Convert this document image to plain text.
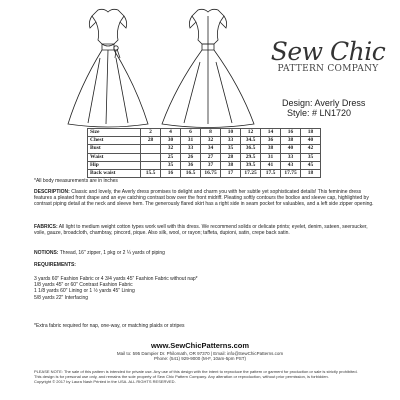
Sew Chic
PATTERN COMPANY
Design: Averly Dress
Style: # LN1720
Size	2	4	6	8	10	12	14	16	18
Chest	28	30	31	32	33	34.5	36	38	40
Bust		32	33	34	35	36.5	38	40	42
Waist		25	26	27	28	29.5	31	33	35
Hip		35	36	37	38	39.5	41	43	45
Back waist	15.5	16	16.5	16.75	17	17.25	17.5	17.75	18
*All body measurements are in inches
DESCRIPTION: Classic and lovely, the Averly dress promises to delight and charm you with her subtle yet sophisticated details! This feminine dress features a pleated front drape and an eye catching contrast bow over the front midriff. Pleating softly contours the bodice and sleeve cap, highlighted by contrast piping detail at the neck and sleeve hem. The generously flared skirt has a right side in seam pocket for valuables, and a left side zipper opening.
FABRICS: All light to medium weight cotton types work well with this dress. We recommend solids or delicate prints; eyelet, denim, sateen, seersucker, voile, gauze, broadcloth, chambray, pincord, pique. Also silk, wool, or rayon; taffeta, dupioni, satin, crepe back satin.
NOTIONS: Thread, 16" zipper, 1 pkg or 2 ¼ yards of piping
REQUIREMENTS:
3 yards 60" Fashion Fabric or 4 3/4 yards 45" Fashion Fabric without nap*
1/8 yards 45" or 60" Contrast Fashion Fabric
1 1/8 yards 60" Lining or 1 ½ yards 45" Lining
5/8 yards 22" Interfacing
*Extra fabric required for nap, one-way, or matching plaids or stripes
www.SewChicPatterns.com
Mail to: 595 Dampier Dr. Philomath, OR 97370 | Email: info@SewChicPatterns.com
Phone: (541) 929-9000 (M-F, 10am-5pm PST)
PLEASE NOTE: The sale of this pattern is intended for private use. Any use of this design with the intent to reproduce the pattern or garment for production or sale is strictly prohibited.
This design is for personal use only, and remains the sole property of Sew Chic Pattern Company. Any alteration or reproduction, without prior permission, is forbidden.
Copyright © 2017 by Laura Nash Printed in the USA. ALL RIGHTS RESERVED.
